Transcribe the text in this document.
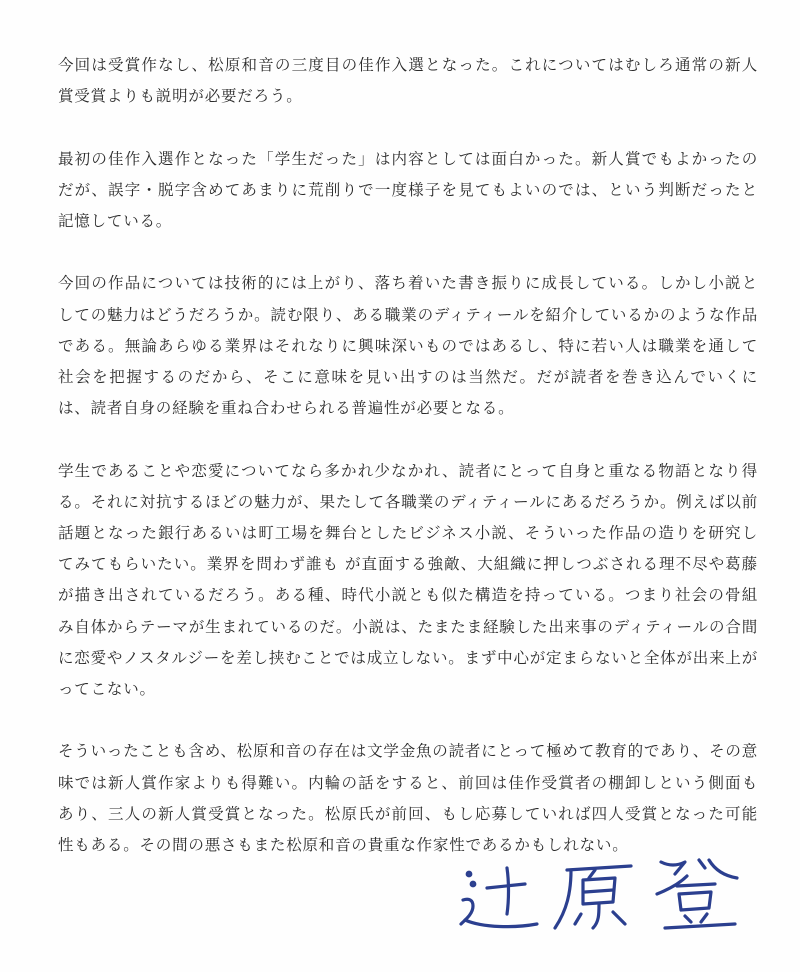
今回は受賞作なし、松原和音の三度目の佳作入選となった。これについてはむしろ通常の新人賞受賞よりも説明が必要だろう。

最初の佳作入選作となった「学生だった」は内容としては面白かった。新人賞でもよかったのだが、誤字・脱字含めてあまりに荒削りで一度様子を見てもよいのでは、という判断だったと記憶している。

今回の作品については技術的には上がり、落ち着いた書き振りに成長している。しかし小説としての魅力はどうだろうか。読む限り、ある職業のディティールを紹介しているかのような作品である。無論あらゆる業界はそれなりに興味深いものではあるし、特に若い人は職業を通して社会を把握するのだから、そこに意味を見い出すのは当然だ。だが読者を巻き込んでいくには、読者自身の経験を重ね合わせられる普遍性が必要となる。

学生であることや恋愛についてなら多かれ少なかれ、読者にとって自身と重なる物語となり得る。それに対抗するほどの魅力が、果たして各職業のディティールにあるだろうか。例えば以前話題となった銀行あるいは町工場を舞台としたビジネス小説、そういった作品の造りを研究してみてもらいたい。業界を問わず誰も が直面する強敵、大組織に押しつぶされる理不尽や葛藤が描き出されているだろう。ある種、時代小説とも似た構造を持っている。つまり社会の骨組み自体からテーマが生まれているのだ。小説は、たまたま経験した出来事のディティールの合間に恋愛やノスタルジーを差し挟むことでは成立しない。まず中心が定まらないと全体が出来上がってこない。

そういったことも含め、松原和音の存在は文学金魚の読者にとって極めて教育的であり、その意味では新人賞作家よりも得難い。内輪の話をすると、前回は佳作受賞者の棚卸しという側面もあり、三人の新人賞受賞となった。松原氏が前回、もし応募していれば四人受賞となった可能性もある。その間の悪さもまた松原和音の貴重な作家性であるかもしれない。
